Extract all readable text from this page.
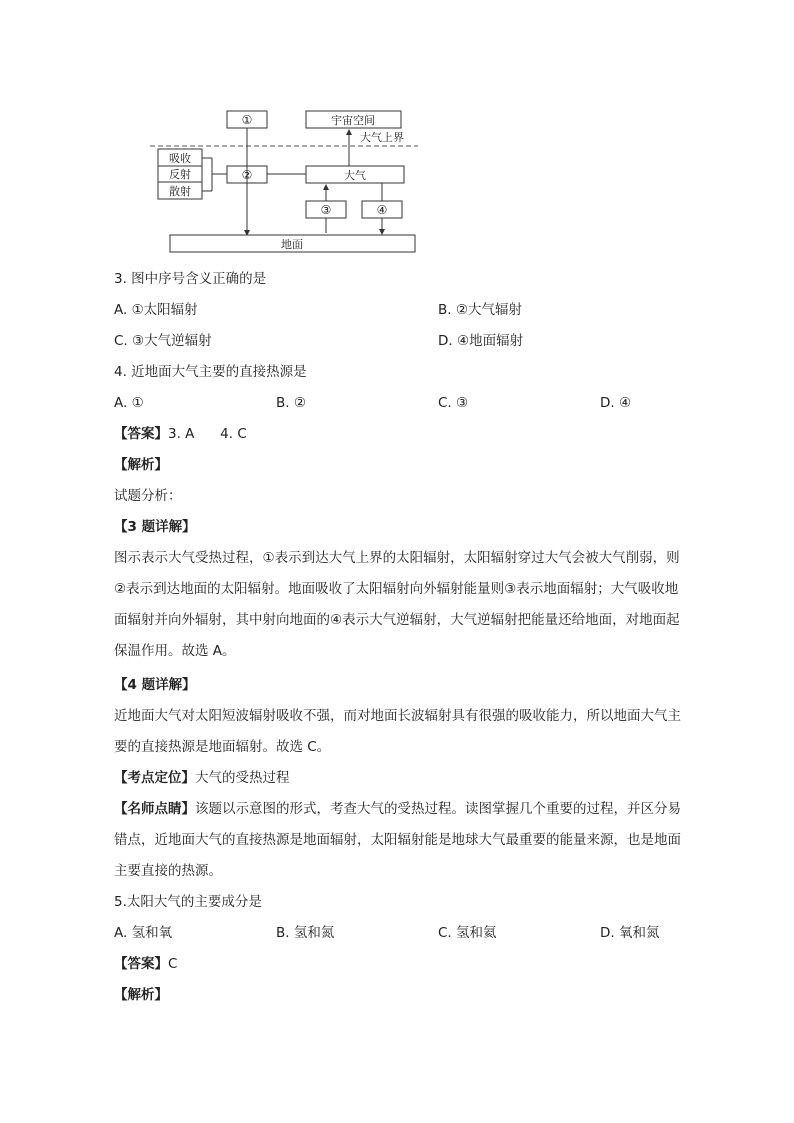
①	宇宙空间
大气上界
吸收
反射
散射
②	大气
③	④
地面
3. 图中序号含义正确的是
A. ①太阳辐射	B. ②大气辐射
C. ③大气逆辐射	D. ④地面辐射
4. 近地面大气主要的直接热源是
A. ①	B. ②	C. ③	D. ④
【答案】3. A      4. C
【解析】
试题分析：
【3 题详解】
图示表示大气受热过程，①表示到达大气上界的太阳辐射，太阳辐射穿过大气会被大气削弱，则②表示到达地面的太阳辐射。地面吸收了太阳辐射向外辐射能量则③表示地面辐射；大气吸收地面辐射并向外辐射，其中射向地面的④表示大气逆辐射，大气逆辐射把能量还给地面，对地面起保温作用。故选 A。
【4 题详解】
近地面大气对太阳短波辐射吸收不强，而对地面长波辐射具有很强的吸收能力，所以地面大气主要的直接热源是地面辐射。故选 C。
【考点定位】大气的受热过程
【名师点睛】该题以示意图的形式，考查大气的受热过程。读图掌握几个重要的过程，并区分易错点，近地面大气的直接热源是地面辐射，太阳辐射能是地球大气最重要的能量来源，也是地面主要直接的热源。
5.太阳大气的主要成分是
A. 氢和氧	B. 氢和氮	C. 氢和氦	D. 氧和氮
【答案】C
【解析】
